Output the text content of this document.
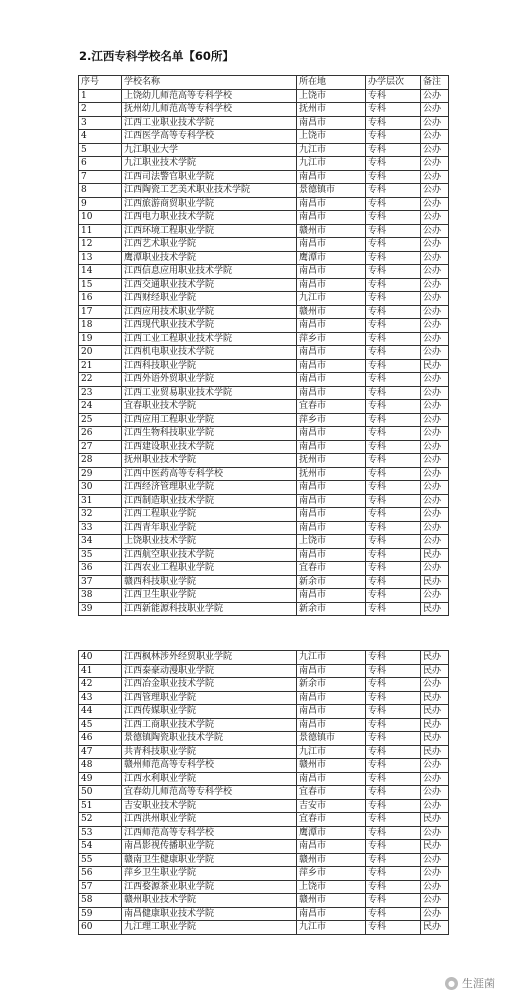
2.江西专科学校名单【60所】
序号	学校名称	所在地	办学层次	备注
1	上饶幼儿师范高等专科学校	上饶市	专科	公办
2	抚州幼儿师范高等专科学校	抚州市	专科	公办
3	江西工业职业技术学院	南昌市	专科	公办
4	江西医学高等专科学校	上饶市	专科	公办
5	九江职业大学	九江市	专科	公办
6	九江职业技术学院	九江市	专科	公办
7	江西司法警官职业学院	南昌市	专科	公办
8	江西陶瓷工艺美术职业技术学院	景德镇市	专科	公办
9	江西旅游商贸职业学院	南昌市	专科	公办
10	江西电力职业技术学院	南昌市	专科	公办
11	江西环境工程职业学院	赣州市	专科	公办
12	江西艺术职业学院	南昌市	专科	公办
13	鹰潭职业技术学院	鹰潭市	专科	公办
14	江西信息应用职业技术学院	南昌市	专科	公办
15	江西交通职业技术学院	南昌市	专科	公办
16	江西财经职业学院	九江市	专科	公办
17	江西应用技术职业学院	赣州市	专科	公办
18	江西现代职业技术学院	南昌市	专科	公办
19	江西工业工程职业技术学院	萍乡市	专科	公办
20	江西机电职业技术学院	南昌市	专科	公办
21	江西科技职业学院	南昌市	专科	民办
22	江西外语外贸职业学院	南昌市	专科	公办
23	江西工业贸易职业技术学院	南昌市	专科	公办
24	宜春职业技术学院	宜春市	专科	公办
25	江西应用工程职业学院	萍乡市	专科	公办
26	江西生物科技职业学院	南昌市	专科	公办
27	江西建设职业技术学院	南昌市	专科	公办
28	抚州职业技术学院	抚州市	专科	公办
29	江西中医药高等专科学校	抚州市	专科	公办
30	江西经济管理职业学院	南昌市	专科	公办
31	江西制造职业技术学院	南昌市	专科	公办
32	江西工程职业学院	南昌市	专科	公办
33	江西青年职业学院	南昌市	专科	公办
34	上饶职业技术学院	上饶市	专科	公办
35	江西航空职业技术学院	南昌市	专科	民办
36	江西农业工程职业学院	宜春市	专科	公办
37	赣西科技职业学院	新余市	专科	民办
38	江西卫生职业学院	南昌市	专科	公办
39	江西新能源科技职业学院	新余市	专科	民办
40	江西枫林涉外经贸职业学院	九江市	专科	民办
41	江西泰豪动漫职业学院	南昌市	专科	民办
42	江西冶金职业技术学院	新余市	专科	公办
43	江西管理职业学院	南昌市	专科	民办
44	江西传媒职业学院	南昌市	专科	民办
45	江西工商职业技术学院	南昌市	专科	民办
46	景德镇陶瓷职业技术学院	景德镇市	专科	民办
47	共青科技职业学院	九江市	专科	民办
48	赣州师范高等专科学校	赣州市	专科	公办
49	江西水利职业学院	南昌市	专科	公办
50	宜春幼儿师范高等专科学校	宜春市	专科	公办
51	吉安职业技术学院	吉安市	专科	公办
52	江西洪州职业学院	宜春市	专科	民办
53	江西师范高等专科学校	鹰潭市	专科	公办
54	南昌影视传播职业学院	南昌市	专科	民办
55	赣南卫生健康职业学院	赣州市	专科	公办
56	萍乡卫生职业学院	萍乡市	专科	公办
57	江西婺源茶业职业学院	上饶市	专科	公办
58	赣州职业技术学院	赣州市	专科	公办
59	南昌健康职业技术学院	南昌市	专科	公办
60	九江理工职业学院	九江市	专科	民办
● 生涯菌
